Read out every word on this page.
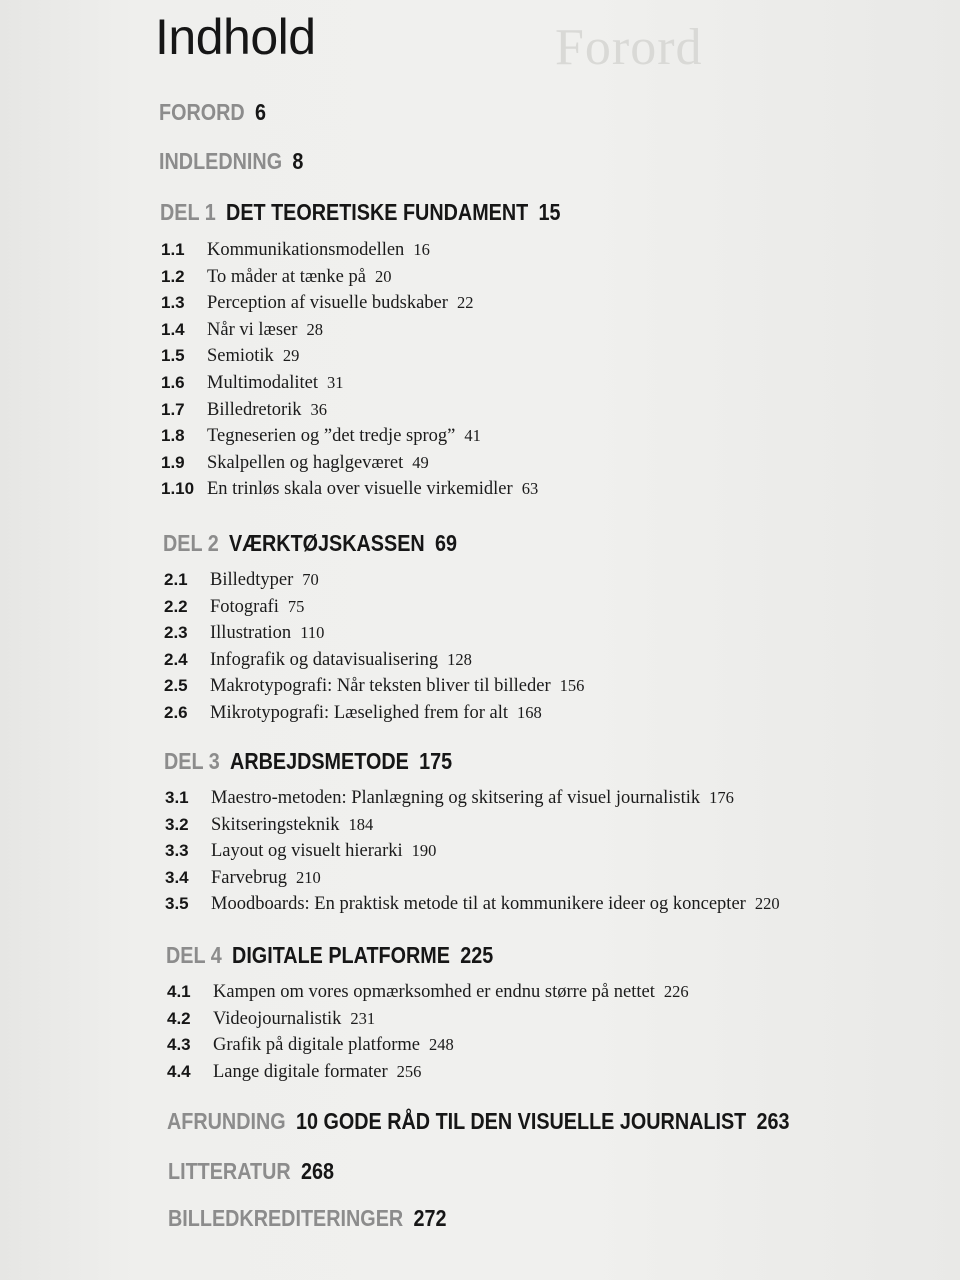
Forord
Indhold
FORORD 6
INDLEDNING 8
DEL 1 DET TEORETISKE FUNDAMENT 15
1.1 Kommunikationsmodellen 16
1.2 To måder at tænke på 20
1.3 Perception af visuelle budskaber 22
1.4 Når vi læser 28
1.5 Semiotik 29
1.6 Multimodalitet 31
1.7 Billedretorik 36
1.8 Tegneserien og ”det tredje sprog” 41
1.9 Skalpellen og haglgeværet 49
1.10 En trinløs skala over visuelle virkemidler 63
DEL 2 VÆRKTØJSKASSEN 69
2.1 Billedtyper 70
2.2 Fotografi 75
2.3 Illustration 110
2.4 Infografik og datavisualisering 128
2.5 Makrotypografi: Når teksten bliver til billeder 156
2.6 Mikrotypografi: Læselighed frem for alt 168
DEL 3 ARBEJDSMETODE 175
3.1 Maestro-metoden: Planlægning og skitsering af visuel journalistik 176
3.2 Skitseringsteknik 184
3.3 Layout og visuelt hierarki 190
3.4 Farvebrug 210
3.5 Moodboards: En praktisk metode til at kommunikere ideer og koncepter 220
DEL 4 DIGITALE PLATFORME 225
4.1 Kampen om vores opmærksomhed er endnu større på nettet 226
4.2 Videojournalistik 231
4.3 Grafik på digitale platforme 248
4.4 Lange digitale formater 256
AFRUNDING 10 GODE RÅD TIL DEN VISUELLE JOURNALIST 263
LITTERATUR 268
BILLEDKREDITERINGER 272
